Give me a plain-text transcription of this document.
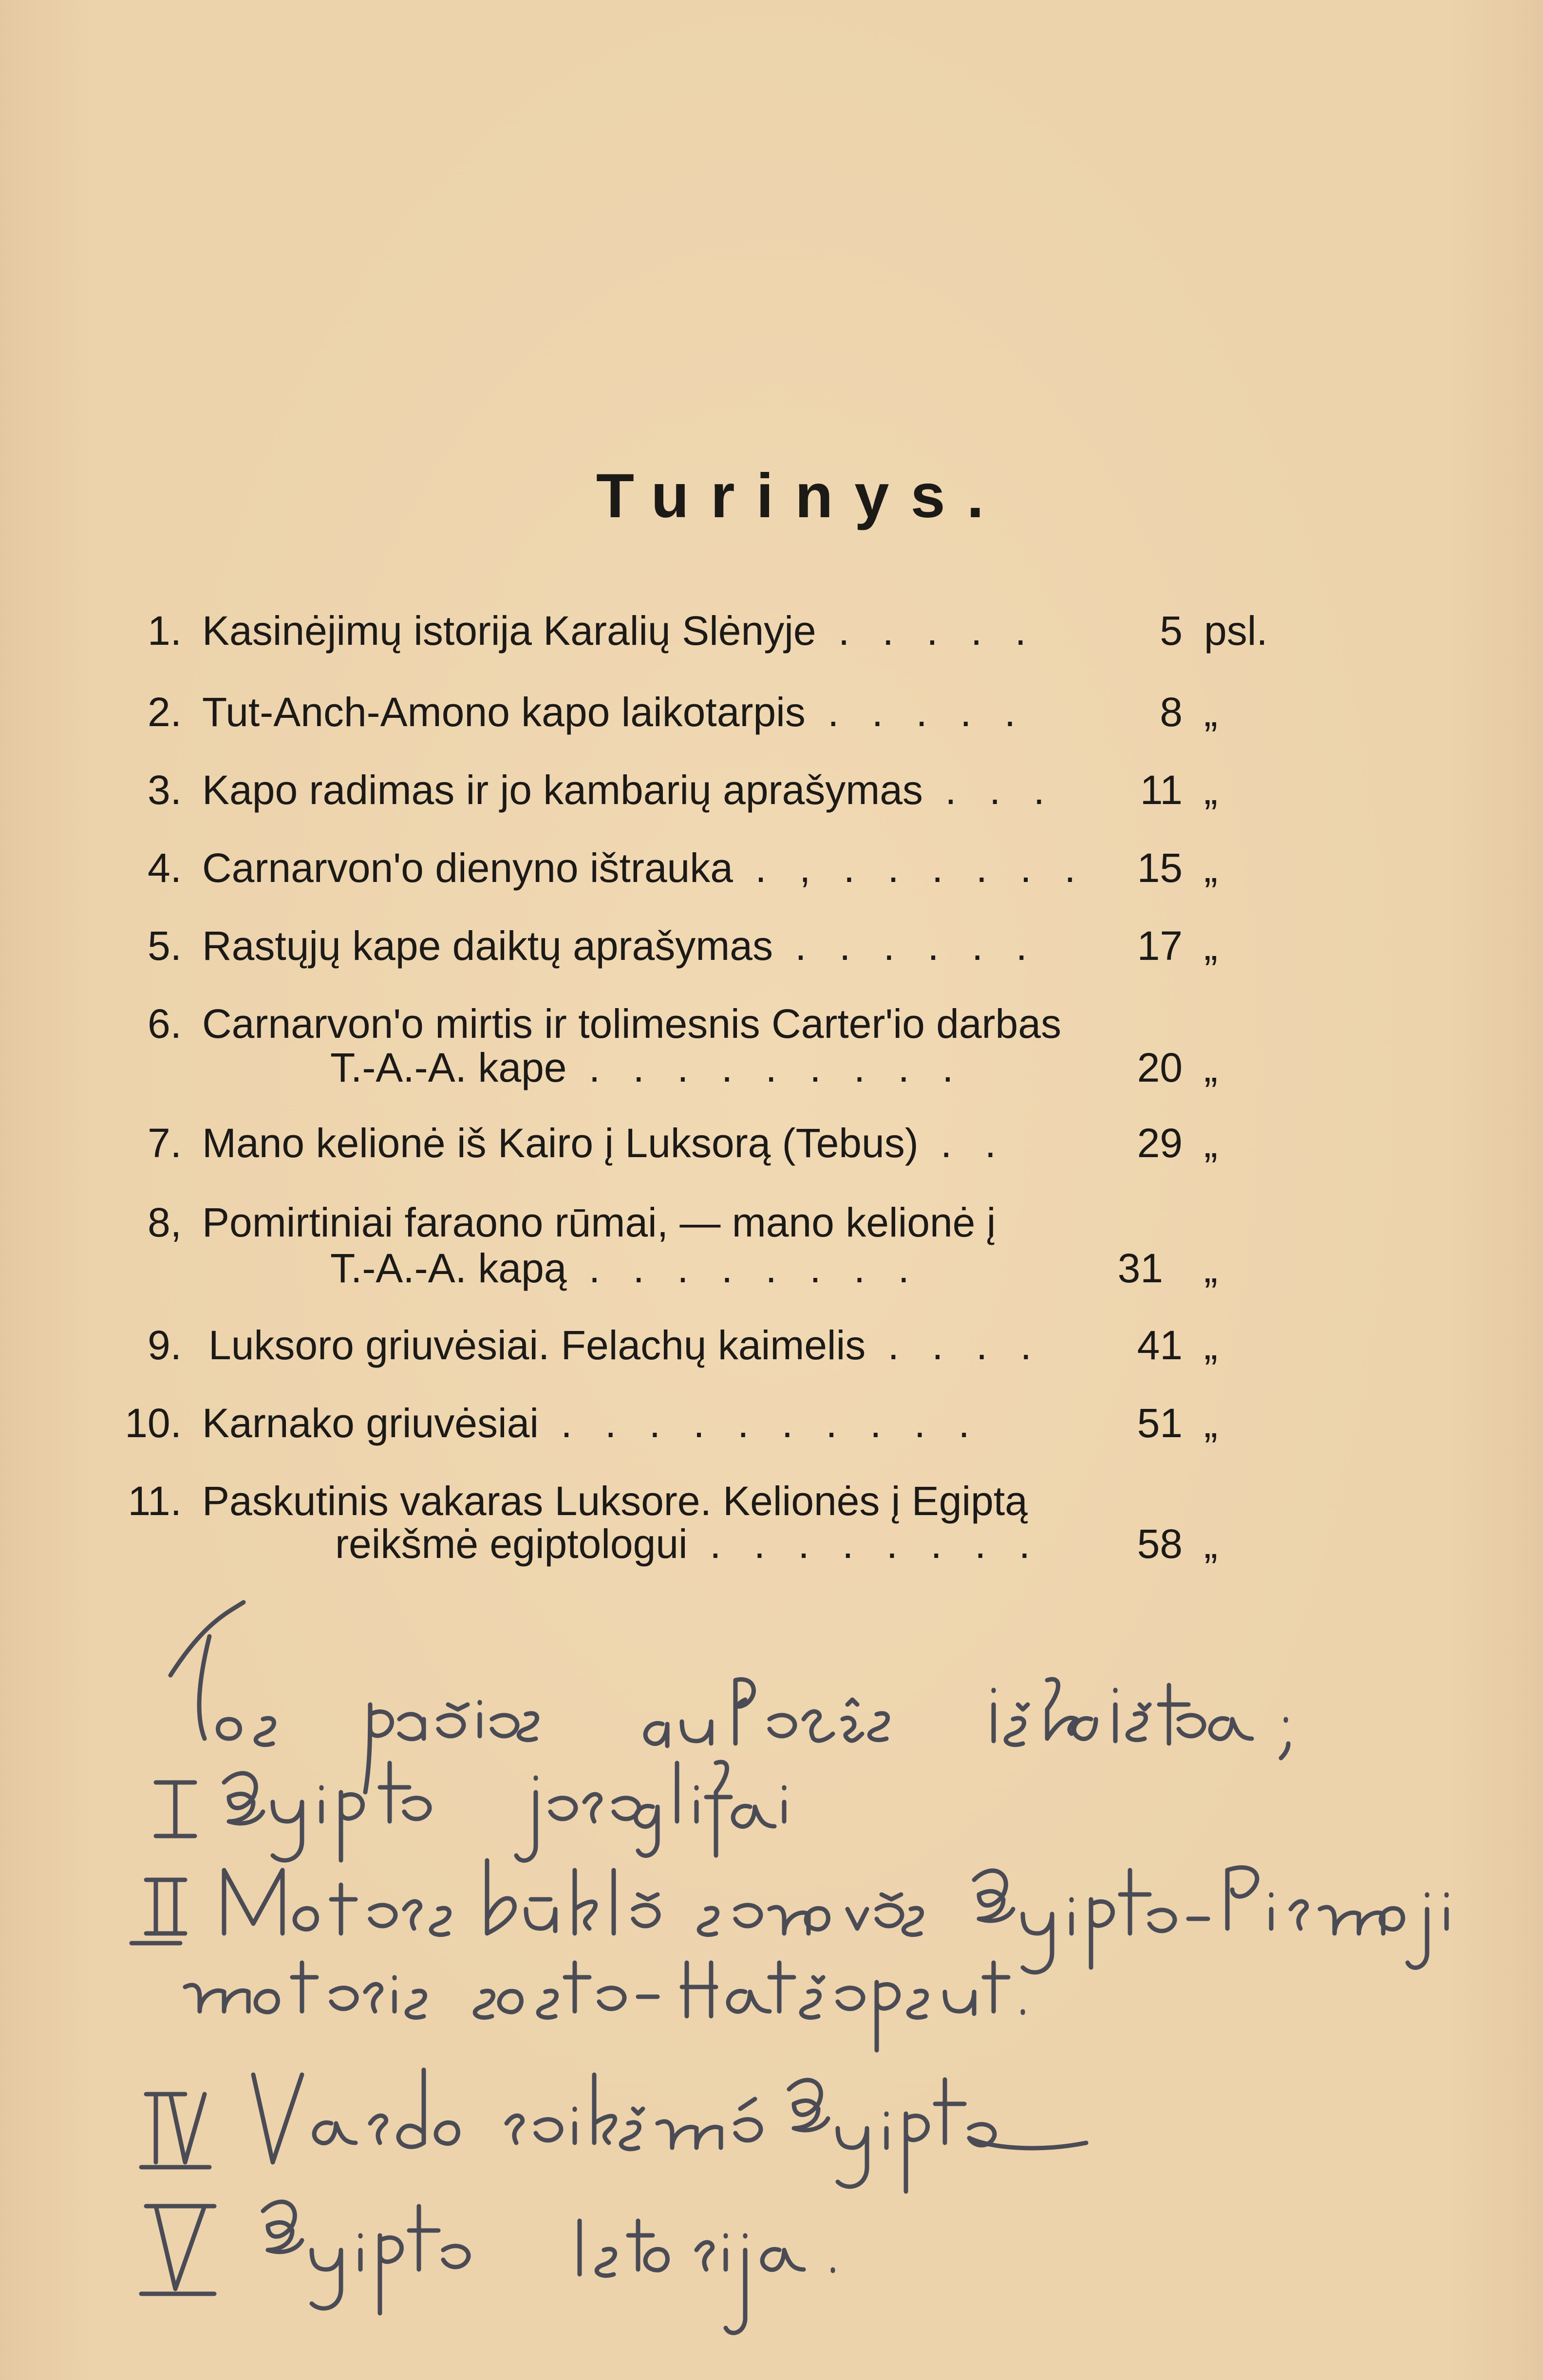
Turinys.
1. Kasinėjimų istorija Karalių Slėnyje . . . . .	5 psl.
2. Tut-Anch-Amono kapo laikotarpis . . . . .	8 „
3. Kapo radimas ir jo kambarių aprašymas . . . 11 „
4. Carnarvon'o dienyno ištrauka . , . . . . . . 15 „
5. Rastųjų kape daiktų aprašymas . . . . . . 17 „
6. Carnarvon'o mirtis ir tolimesnis Carter'io darbas
T.-A.-A. kape . . . . . . . . .	20 „
7. Mano kelionė iš Kairo į Luksorą (Tebus) . .	29 „
8, Pomirtiniai faraono rūmai, — mano kelionė į
T.-A.-A. kapą . . . . . . . .	31 „
9. Luksoro griuvėsiai. Felachų kaimelis . . . . 41 „
10. Karnako griuvėsiai . . . . . . . . . .	51 „
11. Paskutinis vakaras Luksore. Kelionės į Egiptą
reikšmė egiptologui . . . . . . . . 58 „
